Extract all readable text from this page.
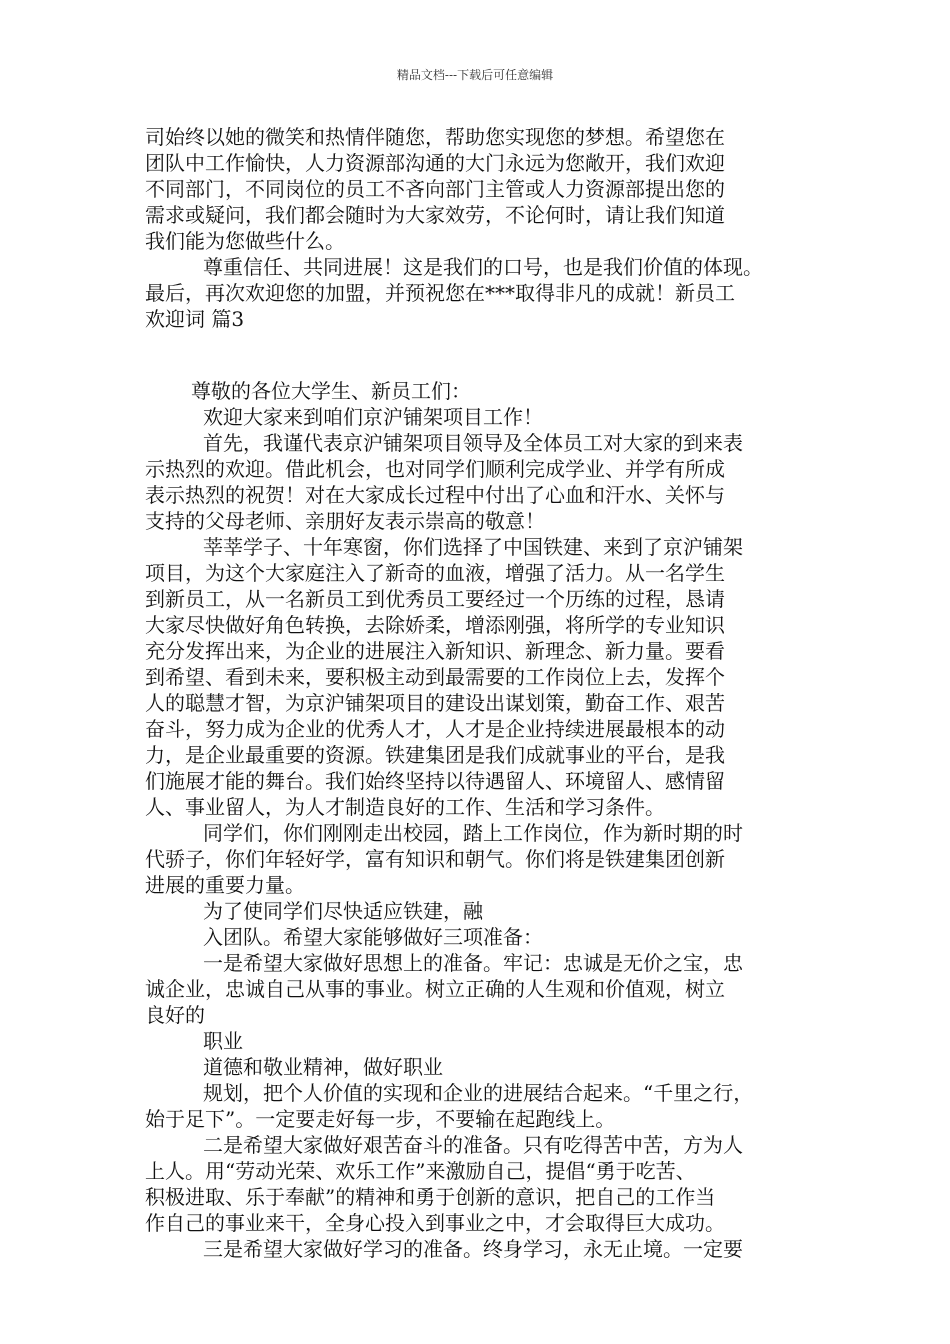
精品文档---下载后可任意编辑
司始终以她的微笑和热情伴随您，帮助您实现您的梦想。希望您在
团队中工作愉快，人力资源部沟通的大门永远为您敞开，我们欢迎
不同部门，不同岗位的员工不吝向部门主管或人力资源部提出您的
需求或疑问，我们都会随时为大家效劳，不论何时，请让我们知道
我们能为您做些什么。
尊重信任、共同进展！这是我们的口号，也是我们价值的体现。
最后，再次欢迎您的加盟，并预祝您在***取得非凡的成就！新员工
欢迎词 篇3
尊敬的各位大学生、新员工们：
欢迎大家来到咱们京沪铺架项目工作！
首先，我谨代表京沪铺架项目领导及全体员工对大家的到来表
示热烈的欢迎。借此机会，也对同学们顺利完成学业、并学有所成
表示热烈的祝贺！对在大家成长过程中付出了心血和汗水、关怀与
支持的父母老师、亲朋好友表示崇高的敬意！
莘莘学子、十年寒窗，你们选择了中国铁建、来到了京沪铺架
项目，为这个大家庭注入了新奇的血液，增强了活力。从一名学生
到新员工，从一名新员工到优秀员工要经过一个历练的过程，恳请
大家尽快做好角色转换，去除娇柔，增添刚强，将所学的专业知识
充分发挥出来，为企业的进展注入新知识、新理念、新力量。要看
到希望、看到未来，要积极主动到最需要的工作岗位上去，发挥个
人的聪慧才智，为京沪铺架项目的建设出谋划策，勤奋工作、艰苦
奋斗，努力成为企业的优秀人才，人才是企业持续进展最根本的动
力，是企业最重要的资源。铁建集团是我们成就事业的平台，是我
们施展才能的舞台。我们始终坚持以待遇留人、环境留人、感情留
人、事业留人，为人才制造良好的工作、生活和学习条件。
同学们，你们刚刚走出校园，踏上工作岗位，作为新时期的时
代骄子，你们年轻好学，富有知识和朝气。你们将是铁建集团创新
进展的重要力量。
为了使同学们尽快适应铁建，融
入团队。希望大家能够做好三项准备：
一是希望大家做好思想上的准备。牢记：忠诚是无价之宝，忠
诚企业，忠诚自己从事的事业。树立正确的人生观和价值观，树立
良好的
职业
道德和敬业精神，做好职业
规划，把个人价值的实现和企业的进展结合起来。“千里之行，
始于足下”。一定要走好每一步，不要输在起跑线上。
二是希望大家做好艰苦奋斗的准备。只有吃得苦中苦，方为人
上人。用“劳动光荣、欢乐工作”来激励自己，提倡“勇于吃苦、
积极进取、乐于奉献”的精神和勇于创新的意识，把自己的工作当
作自己的事业来干，全身心投入到事业之中，才会取得巨大成功。
三是希望大家做好学习的准备。终身学习，永无止境。一定要
